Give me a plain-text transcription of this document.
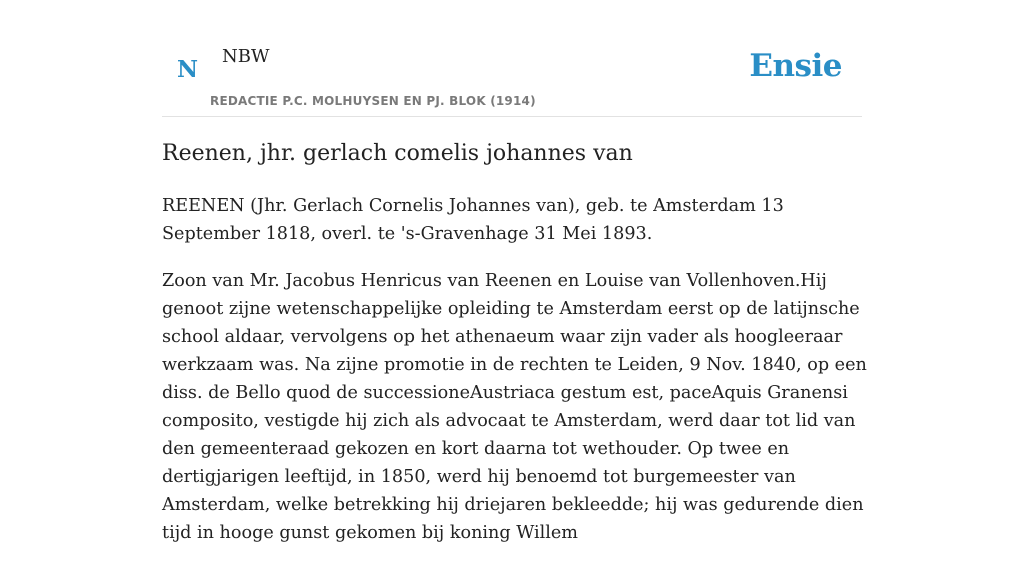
N NBW
REDACTIE P.C. MOLHUYSEN EN PJ. BLOK (1914)
Ensie
Reenen, jhr. gerlach comelis johannes van

REENEN (Jhr. Gerlach Cornelis Johannes van), geb. te Amsterdam 13 September 1818, overl. te 's-Gravenhage 31 Mei 1893.

Zoon van Mr. Jacobus Henricus van Reenen en Louise van Vollenhoven.Hij genoot zijne wetenschappelijke opleiding te Amsterdam eerst op de latijnsche school aldaar, vervolgens op het athenaeum waar zijn vader als hoogleeraar werkzaam was. Na zijne promotie in de rechten te Leiden, 9 Nov. 1840, op een diss. de Bello quod de successioneAustriaca gestum est, paceAquis Granensi composito, vestigde hij zich als advocaat te Amsterdam, werd daar tot lid van den gemeenteraad gekozen en kort daarna tot wethouder. Op twee en dertigjarigen leeftijd, in 1850, werd hij benoemd tot burgemeester van Amsterdam, welke betrekking hij driejaren bekleedde; hij was gedurende dien tijd in hooge gunst gekomen bij koning Willem
